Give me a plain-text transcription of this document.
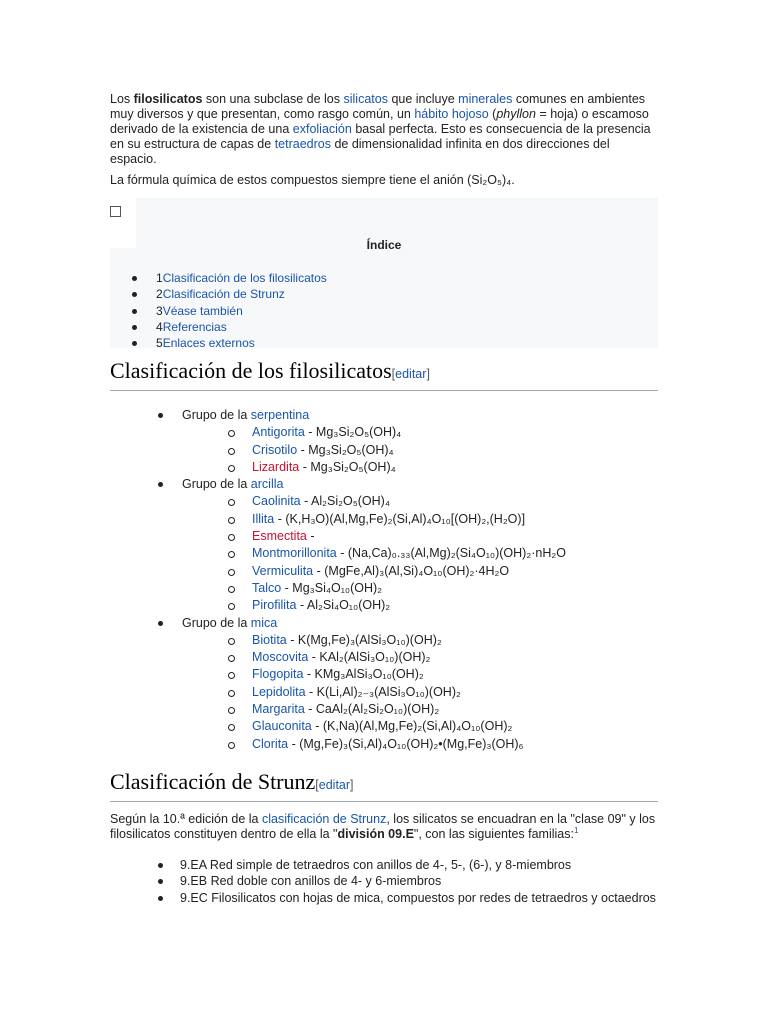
Los filosilicatos son una subclase de los silicatos que incluye minerales comunes en ambientes muy diversos y que presentan, como rasgo común, un hábito hojoso (phyllon = hoja) o escamoso derivado de la existencia de una exfoliación basal perfecta. Esto es consecuencia de la presencia en su estructura de capas de tetraedros de dimensionalidad infinita en dos direcciones del espacio.

La fórmula química de estos compuestos siempre tiene el anión (Si₂O₅)₄.

Índice
1Clasificación de los filosilicatos
2Clasificación de Strunz
3Véase también
4Referencias
5Enlaces externos
Clasificación de los filosilicatos[editar]
Grupo de la serpentina
Antigorita - Mg₃Si₂O₅(OH)₄
Crisotilo - Mg₃Si₂O₅(OH)₄
Lizardita - Mg₃Si₂O₅(OH)₄
Grupo de la arcilla
Caolinita - Al₂Si₂O₅(OH)₄
Illita - (K,H₃O)(Al,Mg,Fe)₂(Si,Al)₄O₁₀[(OH)₂,(H₂O)]
Esmectita -
Montmorillonita - (Na,Ca)₀.₃₃(Al,Mg)₂(Si₄O₁₀)(OH)₂·nH₂O
Vermiculita - (MgFe,Al)₃(Al,Si)₄O₁₀(OH)₂·4H₂O
Talco - Mg₃Si₄O₁₀(OH)₂
Pirofilita - Al₂Si₄O₁₀(OH)₂
Grupo de la mica
Biotita - K(Mg,Fe)₃(AlSi₃O₁₀)(OH)₂
Moscovita - KAl₂(AlSi₃O₁₀)(OH)₂
Flogopita - KMg₃AlSi₃O₁₀(OH)₂
Lepidolita - K(Li,Al)₂₋₃(AlSi₃O₁₀)(OH)₂
Margarita - CaAl₂(Al₂Si₂O₁₀)(OH)₂
Glauconita - (K,Na)(Al,Mg,Fe)₂(Si,Al)₄O₁₀(OH)₂
Clorita - (Mg,Fe)₃(Si,Al)₄O₁₀(OH)₂•(Mg,Fe)₃(OH)₆
Clasificación de Strunz[editar]

Según la 10.ª edición de la clasificación de Strunz, los silicatos se encuadran en la "clase 09" y los filosilicatos constituyen dentro de ella la "división 09.E", con las siguientes familias:$^1$

9.EA Red simple de tetraedros con anillos de 4-, 5-, (6-), y 8-miembros
9.EB Red doble con anillos de 4- y 6-miembros
9.EC Filosilicatos con hojas de mica, compuestos por redes de tetraedros y octaedros
